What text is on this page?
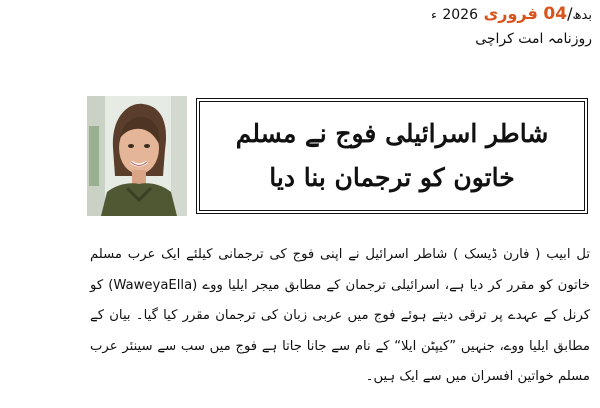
بدھ/04 فروری 2026 ء
روزنامہ امت کراچی
شاطر اسرائیلی فوج نے مسلم
خاتون کو ترجمان بنا دیا

تل ابیب ( فارن ڈیسک ) شاطر اسرائیل نے اپنی فوج کی ترجمانی کیلئے ایک عرب مسلم خاتون کو مقرر کر دیا ہے، اسرائیلی ترجمان کے مطابق میجر ایلیا ووے (WaweyaElla) کو کرنل کے عہدے پر ترقی دیتے ہوئے فوج میں عربی زبان کی ترجمان مقرر کیا گیا۔ بیان کے مطابق ایلیا ووے، جنہیں ”کیپٹن ایلا“ کے نام سے جانا جاتا ہے فوج میں سب سے سینئر عرب مسلم خواتین افسران میں سے ایک ہیں۔
